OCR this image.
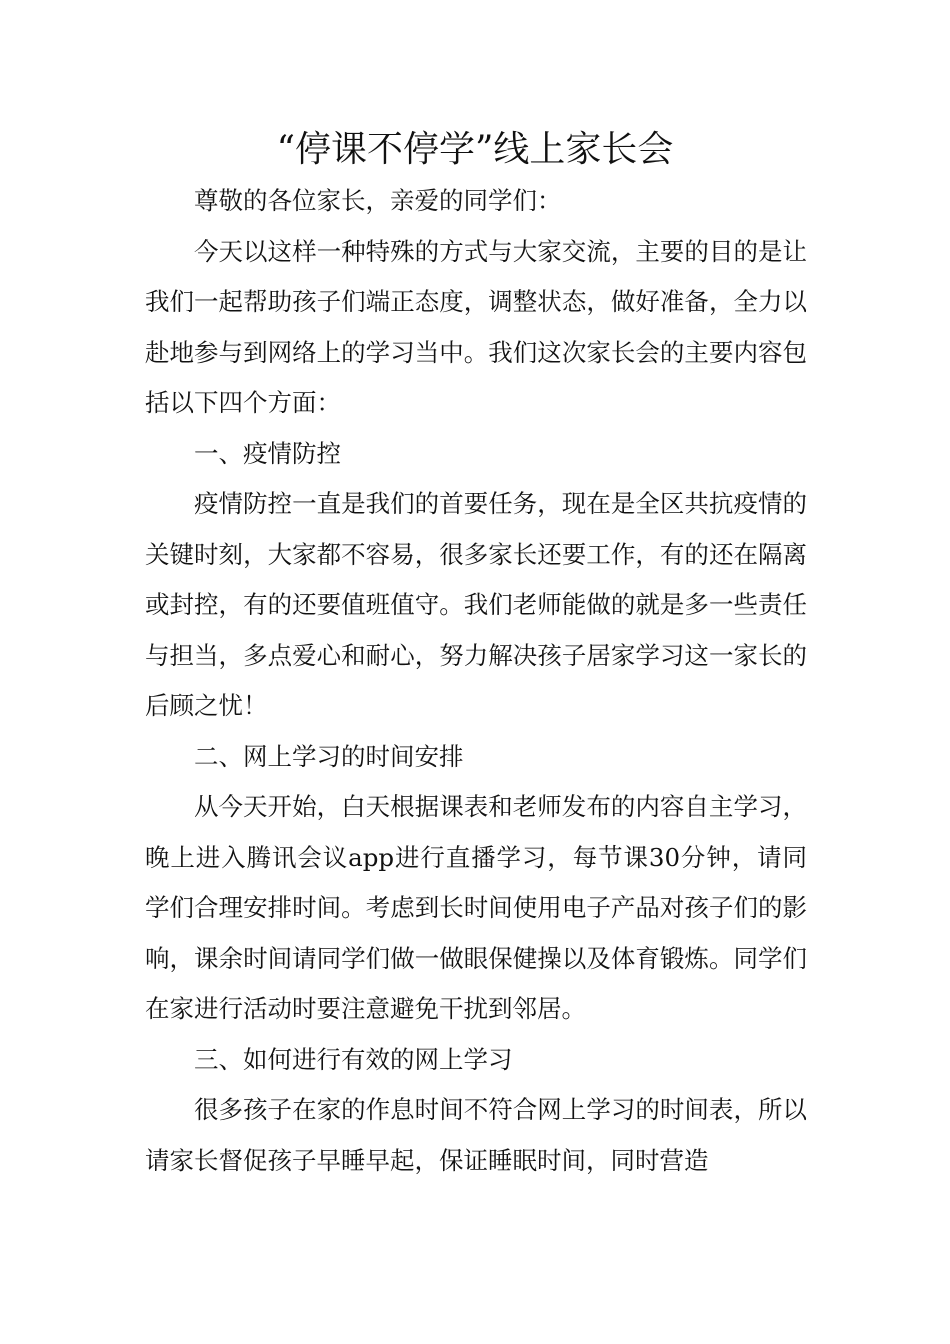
“停课不停学”线上家长会

尊敬的各位家长，亲爱的同学们：

今天以这样一种特殊的方式与大家交流，主要的目的是让我们一起帮助孩子们端正态度，调整状态，做好准备，全力以赴地参与到网络上的学习当中。我们这次家长会的主要内容包括以下四个方面：

一、疫情防控

疫情防控一直是我们的首要任务，现在是全区共抗疫情的关键时刻，大家都不容易，很多家长还要工作，有的还在隔离或封控，有的还要值班值守。我们老师能做的就是多一些责任与担当，多点爱心和耐心，努力解决孩子居家学习这一家长的后顾之忧！

二、网上学习的时间安排

从今天开始，白天根据课表和老师发布的内容自主学习，晚上进入腾讯会议app进行直播学习，每节课30分钟，请同学们合理安排时间。考虑到长时间使用电子产品对孩子们的影响，课余时间请同学们做一做眼保健操以及体育锻炼。同学们在家进行活动时要注意避免干扰到邻居。

三、如何进行有效的网上学习

很多孩子在家的作息时间不符合网上学习的时间表，所以请家长督促孩子早睡早起，保证睡眠时间，同时营造
